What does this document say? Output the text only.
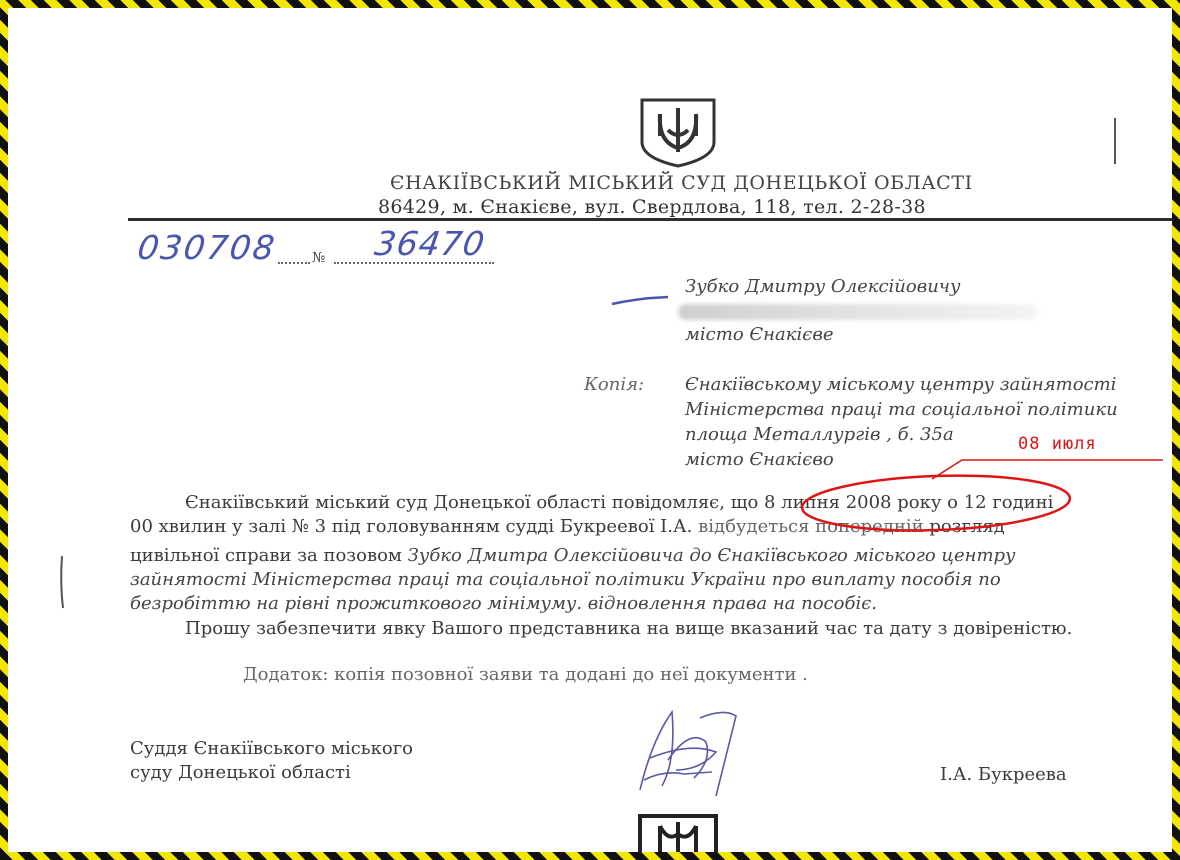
ЄНАКІЇВСЬКИЙ МІСЬКИЙ СУД ДОНЕЦЬКОЇ ОБЛАСТІ
86429, м. Єнакієве, вул. Свердлова, 118, тел. 2-28-38
030708 № 36470
Зубко Дмитру Олексійовичу
місто Єнакієве
Копія: Єнакіївському міському центру зайнятості
Міністерства праці та соціальної політики
площа Металлургів , б. 35а
місто Єнакієво
08 июля
Єнакіївський міський суд Донецької області повідомляє, що 8 липня 2008 року о 12 годині
00 хвилин у залі № 3 під головуванням судді Букреевої І.А. відбудеться попередній розгляд
цивільної справи за позовом Зубко Дмитра Олексійовича до Єнакіївського міського центру
зайнятості Міністерства праці та соціальної політики України про виплату пособія по
безробіттю на рівні прожиткового мінімуму. відновлення права на пособіє.
Прошу забезпечити явку Вашого представника на вище вказаний час та дату з довіреністю.
Додаток: копія позовної заяви та додані до неї документи .
Суддя Єнакіївського міського
суду Донецької області	І.А. Букреева
